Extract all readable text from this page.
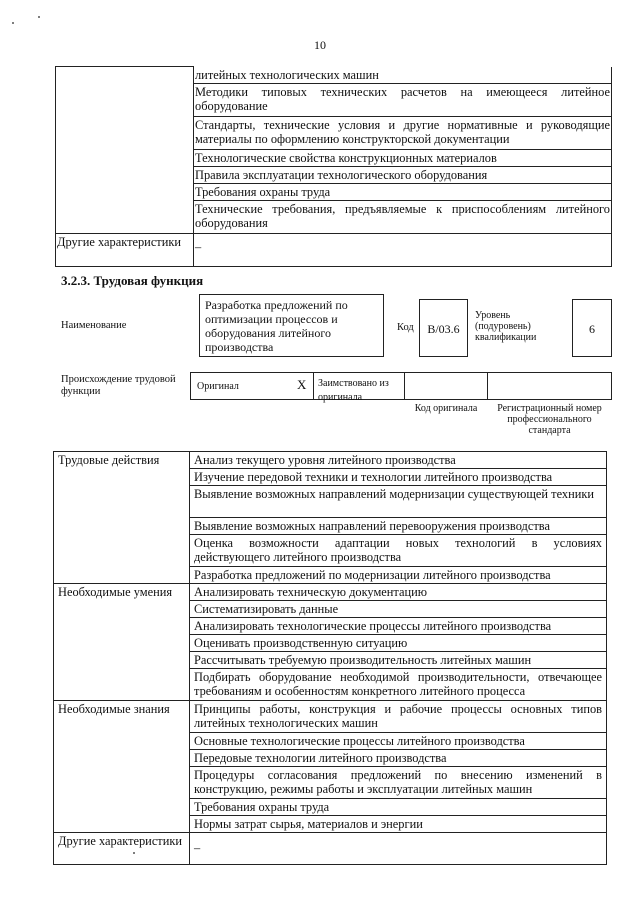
10
	литейных технологических машин
	Методики типовых технических расчетов на имеющееся литейное оборудование
	Стандарты, технические условия и другие нормативные и руководящие материалы по оформлению конструкторской документации
	Технологические свойства конструкционных материалов
	Правила эксплуатации технологического оборудования
	Требования охраны труда
	Технические требования, предъявляемые к приспособлениям литейного оборудования
Другие характеристики	–
3.2.3. Трудовая функция
Наименование
Разработка предложений по оптимизации процессов и оборудования литейного производства
Код	B/03.6
Уровень (подуровень) квалификации
6
Происхождение трудовой функции	Оригинал	X	Заимствовано из оригинала
Код оригинала	Регистрационный номер профессионального стандарта
Трудовые действия	Анализ текущего уровня литейного производства
	Изучение передовой техники и технологии литейного производства
	Выявление возможных направлений модернизации существующей техники
	Выявление возможных направлений перевооружения производства
	Оценка возможности адаптации новых технологий в условиях действующего литейного производства
	Разработка предложений по модернизации литейного производства
Необходимые умения	Анализировать техническую документацию
	Систематизировать данные
	Анализировать технологические процессы литейного производства
	Оценивать производственную ситуацию
	Рассчитывать требуемую производительность литейных машин
	Подбирать оборудование необходимой производительности, отвечающее требованиям и особенностям конкретного литейного процесса
Необходимые знания	Принципы работы, конструкция и рабочие процессы основных типов литейных технологических машин
	Основные технологические процессы литейного производства
	Передовые технологии литейного производства
	Процедуры согласования предложений по внесению изменений в конструкцию, режимы работы и эксплуатации литейных машин
	Требования охраны труда
	Нормы затрат сырья, материалов и энергии
Другие характеристики	–
